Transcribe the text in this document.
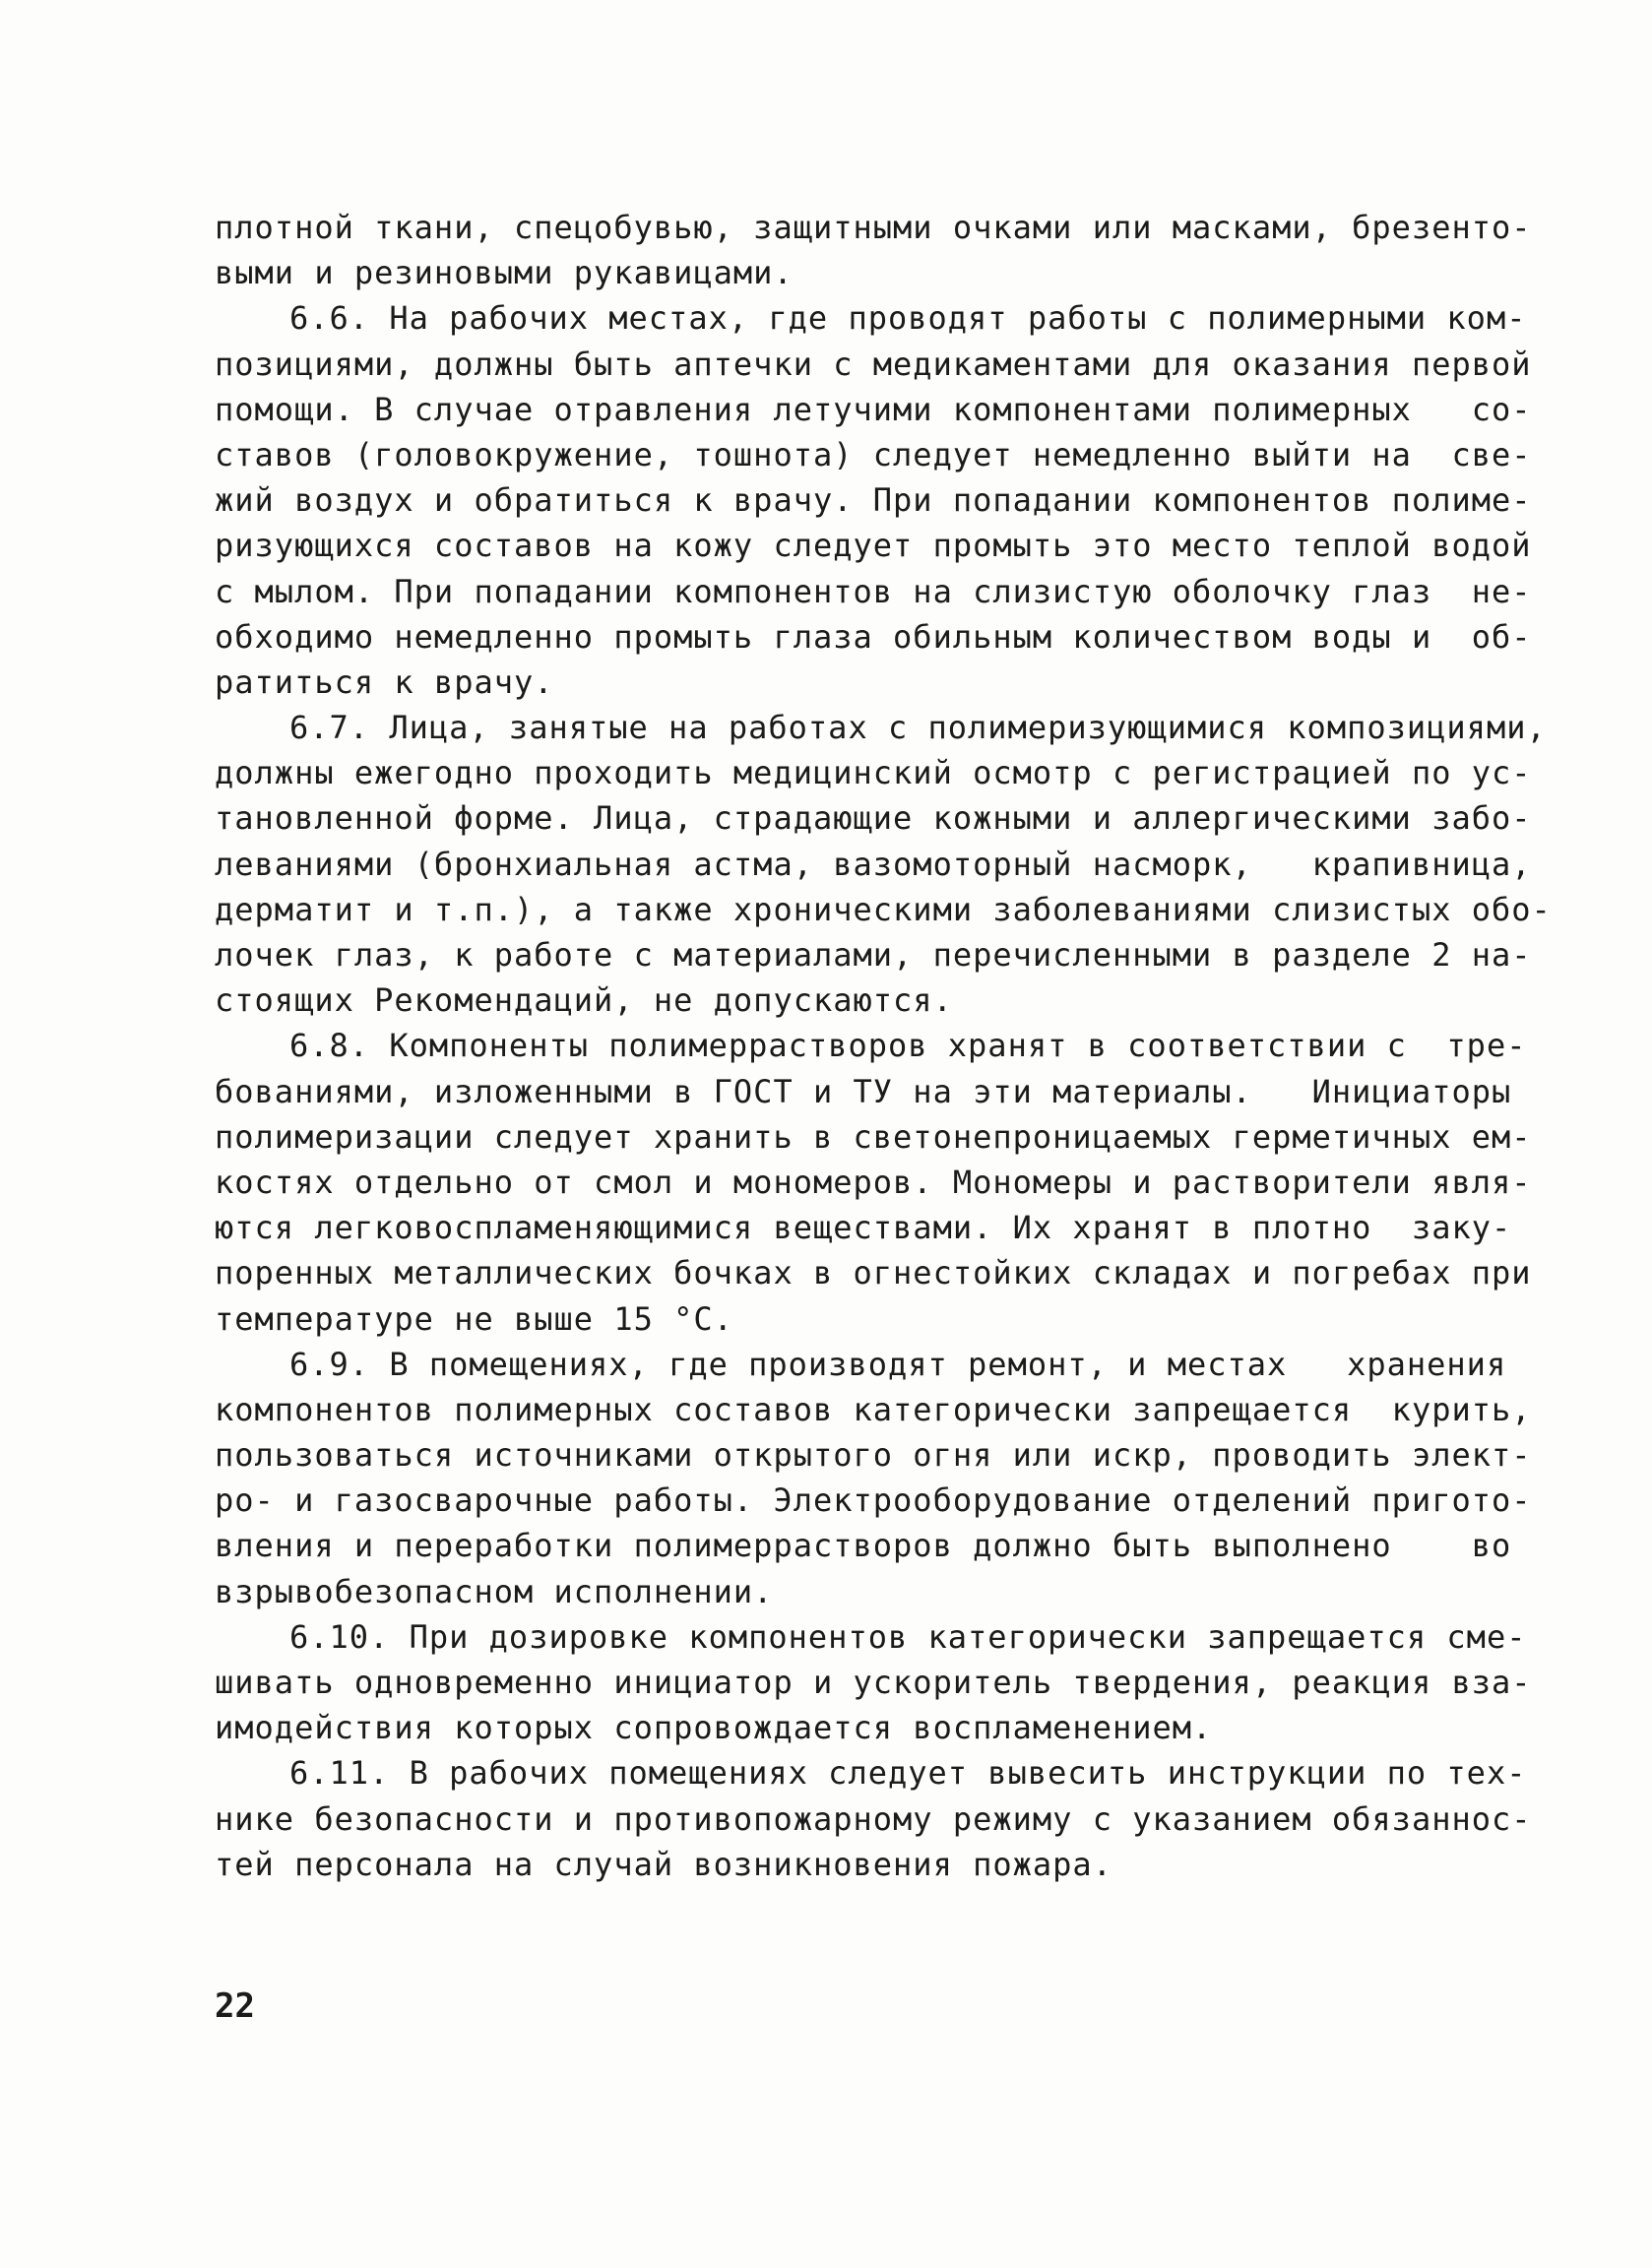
плотной ткани, спецобувью, защитными очками или масками, брезенто-
выми и резиновыми рукавицами.
6.6. На рабочих местах, где проводят работы с полимерными ком-
позициями, должны быть аптечки с медикаментами для оказания первой
помощи. В случае отравления летучими компонентами полимерных   со-
ставов (головокружение, тошнота) следует немедленно выйти на  све-
жий воздух и обратиться к врачу. При попадании компонентов полиме-
ризующихся составов на кожу следует промыть это место теплой водой
с мылом. При попадании компонентов на слизистую оболочку глаз  не-
обходимо немедленно промыть глаза обильным количеством воды и  об-
ратиться к врачу.
6.7. Лица, занятые на работах с полимеризующимися композициями,
должны ежегодно проходить медицинский осмотр с регистрацией по ус-
тановленной форме. Лица, страдающие кожными и аллергическими забо-
леваниями (бронхиальная астма, вазомоторный насморк,   крапивница,
дерматит и т.п.), а также хроническими заболеваниями слизистых обо-
лочек глаз, к работе с материалами, перечисленными в разделе 2 на-
стоящих Рекомендаций, не допускаются.
6.8. Компоненты полимеррастворов хранят в соответствии с  тре-
бованиями, изложенными в ГОСТ и ТУ на эти материалы.   Инициаторы
полимеризации следует хранить в светонепроницаемых герметичных ем-
костях отдельно от смол и мономеров. Мономеры и растворители явля-
ются легковоспламеняющимися веществами. Их хранят в плотно  заку-
поренных металлических бочках в огнестойких складах и погребах при
температуре не выше 15 °С.
6.9. В помещениях, где производят ремонт, и местах   хранения
компонентов полимерных составов категорически запрещается  курить,
пользоваться источниками открытого огня или искр, проводить элект-
ро- и газосварочные работы. Электрооборудование отделений пригото-
вления и переработки полимеррастворов должно быть выполнено    во
взрывобезопасном исполнении.
6.10. При дозировке компонентов категорически запрещается сме-
шивать одновременно инициатор и ускоритель твердения, реакция вза-
имодействия которых сопровождается воспламенением.
6.11. В рабочих помещениях следует вывесить инструкции по тех-
нике безопасности и противопожарному режиму с указанием обязаннос-
тей персонала на случай возникновения пожара.
22
